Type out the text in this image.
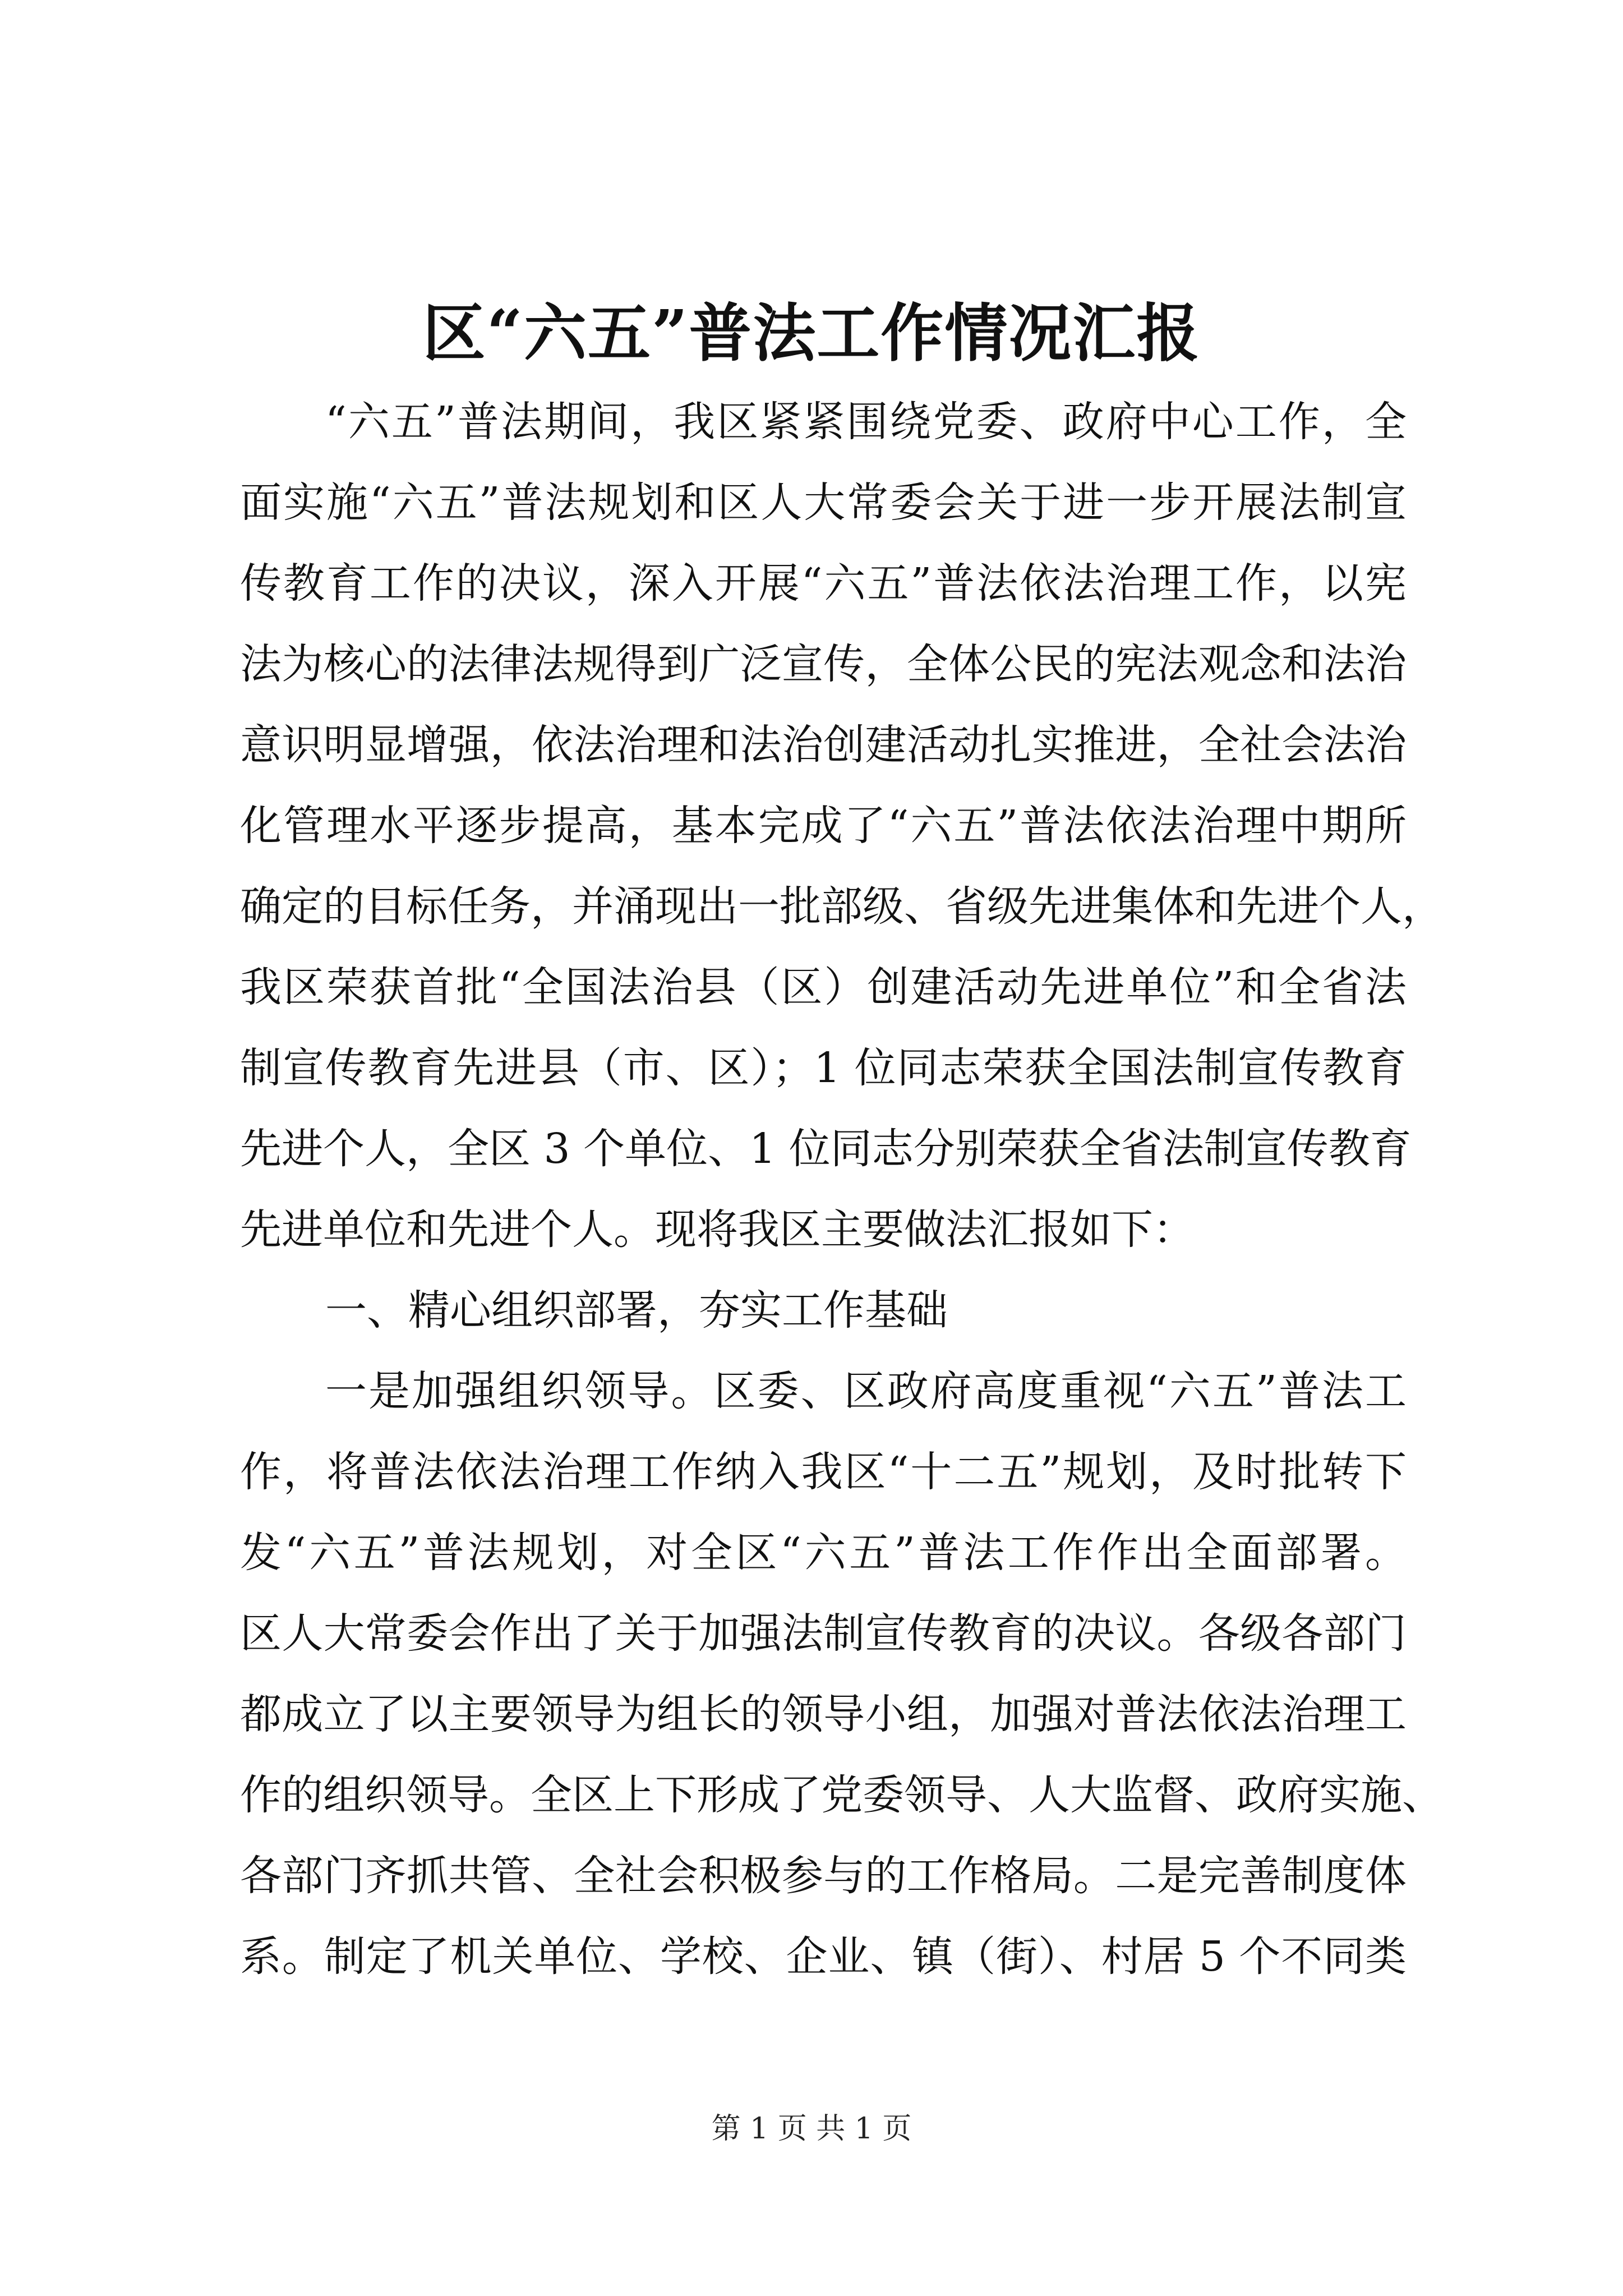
区“六五”普法工作情况汇报
“六五”普法期间，我区紧紧围绕党委、政府中心工作，全
面实施“六五”普法规划和区人大常委会关于进一步开展法制宣
传教育工作的决议，深入开展“六五”普法依法治理工作，以宪
法为核心的法律法规得到广泛宣传，全体公民的宪法观念和法治
意识明显增强，依法治理和法治创建活动扎实推进，全社会法治
化管理水平逐步提高，基本完成了“六五”普法依法治理中期所
确定的目标任务，并涌现出一批部级、省级先进集体和先进个人，
我区荣获首批“全国法治县（区）创建活动先进单位”和全省法
制宣传教育先进县（市、区）；1 位同志荣获全国法制宣传教育
先进个人，全区 3 个单位、1 位同志分别荣获全省法制宣传教育
先进单位和先进个人。现将我区主要做法汇报如下：
一、精心组织部署，夯实工作基础
一是加强组织领导。区委、区政府高度重视“六五”普法工
作，将普法依法治理工作纳入我区“十二五”规划，及时批转下
发“六五”普法规划，对全区“六五”普法工作作出全面部署。
区人大常委会作出了关于加强法制宣传教育的决议。各级各部门
都成立了以主要领导为组长的领导小组，加强对普法依法治理工
作的组织领导。全区上下形成了党委领导、人大监督、政府实施、
各部门齐抓共管、全社会积极参与的工作格局。二是完善制度体
系。制定了机关单位、学校、企业、镇（街）、村居 5 个不同类
第 1 页 共 1 页
